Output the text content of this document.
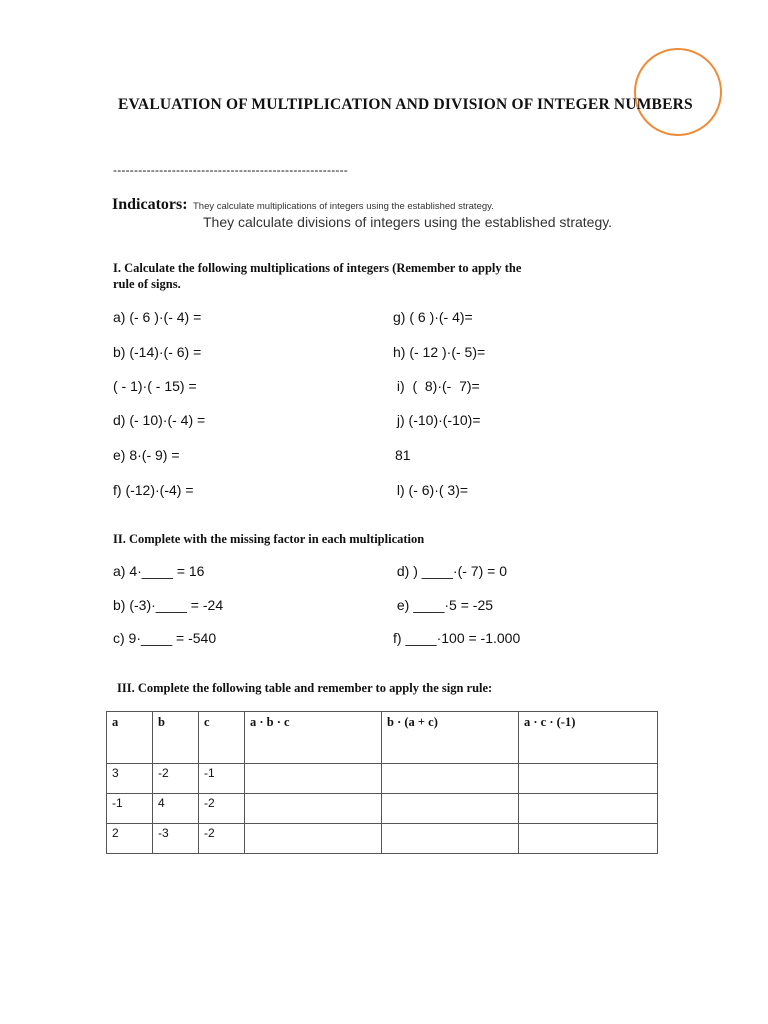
EVALUATION OF MULTIPLICATION AND DIVISION OF INTEGER NUMBERS
--------------------------------------------------------
Indicators: They calculate multiplications of integers using the established strategy.
They calculate divisions of integers using the established strategy.
I. Calculate the following multiplications of integers (Remember to apply the
rule of signs.
a) (- 6 )·(- 4) =
b) (-14)·(- 6) =
( - 1)·( - 15) =
d) (- 10)·(- 4) =
e) 8·(- 9) =
f) (-12)·(-4) =
g) ( 6 )·(- 4)=
h) (- 12 )·(- 5)=
i)  (  8)·(-  7)=
j) (-10)·(-10)=
81
l) (- 6)·( 3)=
II. Complete with the missing factor in each multiplication
a) 4·____ = 16
b) (-3)·____ = -24
c) 9·____ = -540
d) ) ____·(- 7) = 0
e) ____·5 = -25
f) ____·100 = -1.000
III. Complete the following table and remember to apply the sign rule:
a	b	c	a · b · c	b · (a + c)	a · c · (-1)
3	-2	-1			
-1	4	-2			
2	-3	-2			
